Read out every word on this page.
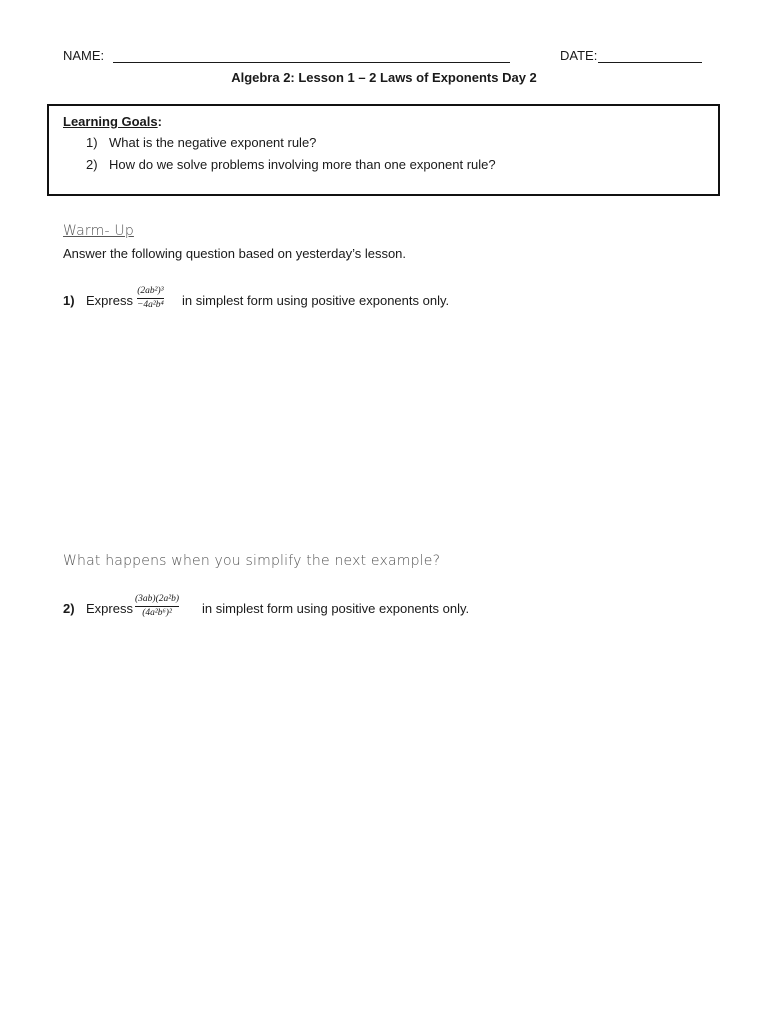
NAME:	DATE:
Algebra 2: Lesson 1 – 2 Laws of Exponents Day 2
Learning Goals:
1) What is the negative exponent rule?
2) How do we solve problems involving more than one exponent rule?
Warm- Up
Answer the following question based on yesterday’s lesson.
1) Express
(2ab²)³
−4a²b⁴ in simplest form using positive exponents only.
What happens when you simplify the next example?
2) Express
(3ab)(2a²b)
(4a²b⁶)²	in simplest form using positive exponents only.
